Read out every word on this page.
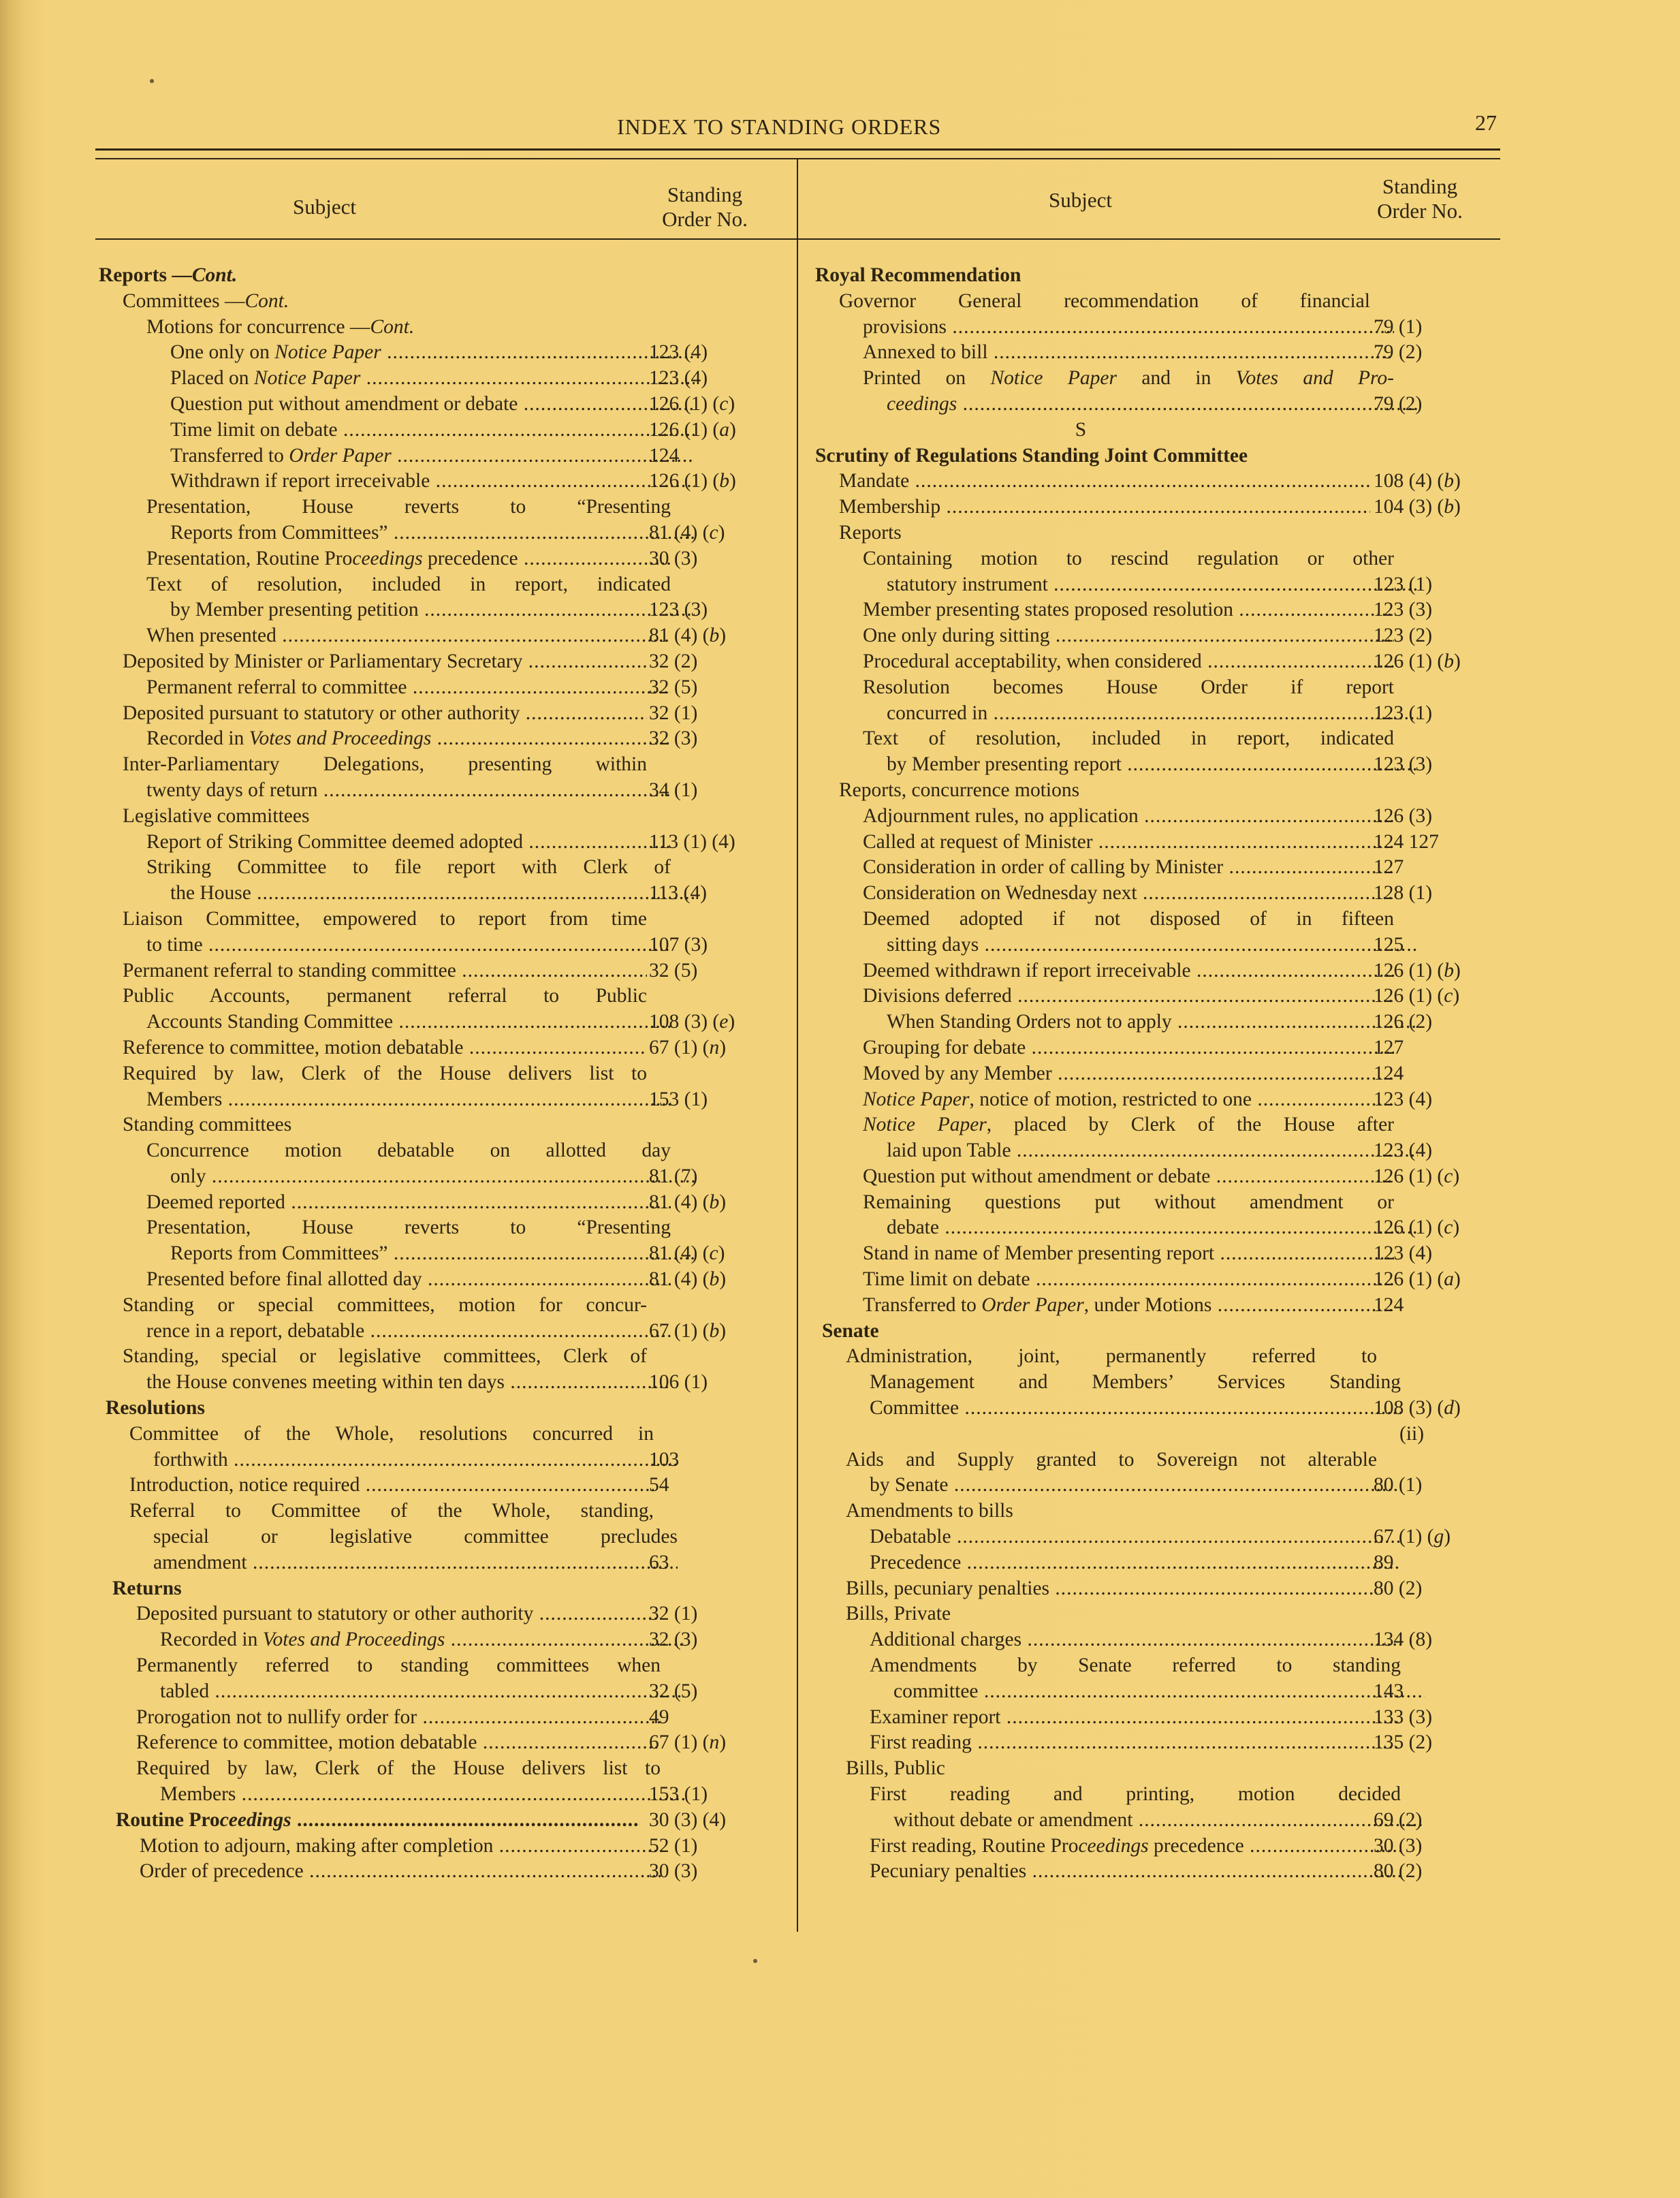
INDEX TO STANDING ORDERS	27
Subject
Standing
Order No.
Subject
Standing
Order No.
Reports —Cont.
Committees —Cont.
Motions for concurrence —Cont.
One only on Notice Paper .....	123 (4)
Placed on Notice Paper .....	123 (4)
Question put without amendment or debate .....	126 (1) (c)
Time limit on debate .....	126 (1) (a)
Transferred to Order Paper .....	124
Withdrawn if report irreceivable .....	126 (1) (b)
Presentation, House reverts to “Presenting
Reports from Committees” .....	81 (4) (c)
Presentation, Routine Proceedings precedence .....	30 (3)
Text of resolution, included in report, indicated
by Member presenting petition .....	123 (3)
When presented .....	81 (4) (b)
Deposited by Minister or Parliamentary Secretary .....	32 (2)
Permanent referral to committee .....	32 (5)
Deposited pursuant to statutory or other authority .....	32 (1)
Recorded in Votes and Proceedings .....	32 (3)
Inter-Parliamentary Delegations, presenting within
twenty days of return .....	34 (1)
Legislative committees
Report of Striking Committee deemed adopted .....	113 (1) (4)
Striking Committee to file report with Clerk of
the House .....	113 (4)
Liaison Committee, empowered to report from time
to time .....	107 (3)
Permanent referral to standing committee .....	32 (5)
Public Accounts, permanent referral to Public
Accounts Standing Committee .....	108 (3) (e)
Reference to committee, motion debatable .....	67 (1) (n)
Required by law, Clerk of the House delivers list to
Members .....	153 (1)
Standing committees
Concurrence motion debatable on allotted day
only .....	81 (7)
Deemed reported .....	81 (4) (b)
Presentation, House reverts to “Presenting
Reports from Committees” .....	81 (4) (c)
Presented before final allotted day .....	81 (4) (b)
Standing or special committees, motion for concur-
rence in a report, debatable .....	67 (1) (b)
Standing, special or legislative committees, Clerk of
the House convenes meeting within ten days .....	106 (1)
Resolutions
Committee of the Whole, resolutions concurred in
forthwith .....	103
Introduction, notice required .....	54
Referral to Committee of the Whole, standing,
special or legislative committee precludes
amendment .....	63
Returns
Deposited pursuant to statutory or other authority .....	32 (1)
Recorded in Votes and Proceedings .....	32 (3)
Permanently referred to standing committees when
tabled .....	32 (5)
Prorogation not to nullify order for .....	49
Reference to committee, motion debatable .....	67 (1) (n)
Required by law, Clerk of the House delivers list to
Members .....	153 (1)
Routine Proceedings .....	30 (3) (4)
Motion to adjourn, making after completion .....	52 (1)
Order of precedence .....	30 (3)
Royal Recommendation
Governor General recommendation of financial
provisions .....	79 (1)
Annexed to bill .....	79 (2)
Printed on Notice Paper and in Votes and Pro-
ceedings .....	79 (2)
S
Scrutiny of Regulations Standing Joint Committee
Mandate .....	108 (4) (b)
Membership .....	104 (3) (b)
Reports
Containing motion to rescind regulation or other
statutory instrument .....	123 (1)
Member presenting states proposed resolution .....	123 (3)
One only during sitting .....	123 (2)
Procedural acceptability, when considered .....	126 (1) (b)
Resolution becomes House Order if report
concurred in .....	123 (1)
Text of resolution, included in report, indicated
by Member presenting report .....	123 (3)
Reports, concurrence motions
Adjournment rules, no application .....	126 (3)
Called at request of Minister .....	124 127
Consideration in order of calling by Minister .....	127
Consideration on Wednesday next .....	128 (1)
Deemed adopted if not disposed of in fifteen
sitting days .....	125
Deemed withdrawn if report irreceivable .....	126 (1) (b)
Divisions deferred .....	126 (1) (c)
When Standing Orders not to apply .....	126 (2)
Grouping for debate .....	127
Moved by any Member .....	124
Notice Paper, notice of motion, restricted to one .....	123 (4)
Notice Paper, placed by Clerk of the House after
laid upon Table .....	123 (4)
Question put without amendment or debate .....	126 (1) (c)
Remaining questions put without amendment or
debate .....	126 (1) (c)
Stand in name of Member presenting report .....	123 (4)
Time limit on debate .....	126 (1) (a)
Transferred to Order Paper, under Motions .....	124
Senate
Administration, joint, permanently referred to
Management and Members’ Services Standing
Committee .....	108 (3) (d)

(ii)
Aids and Supply granted to Sovereign not alterable
by Senate .....	80 (1)
Amendments to bills
Debatable .....	67 (1) (g)
Precedence .....	89
Bills, pecuniary penalties .....	80 (2)
Bills, Private
Additional charges .....	134 (8)
Amendments by Senate referred to standing
committee .....	143
Examiner report .....	133 (3)
First reading .....	135 (2)
Bills, Public
First reading and printing, motion decided
without debate or amendment .....	69 (2)
First reading, Routine Proceedings precedence .....	30 (3)
Pecuniary penalties .....	80 (2)
